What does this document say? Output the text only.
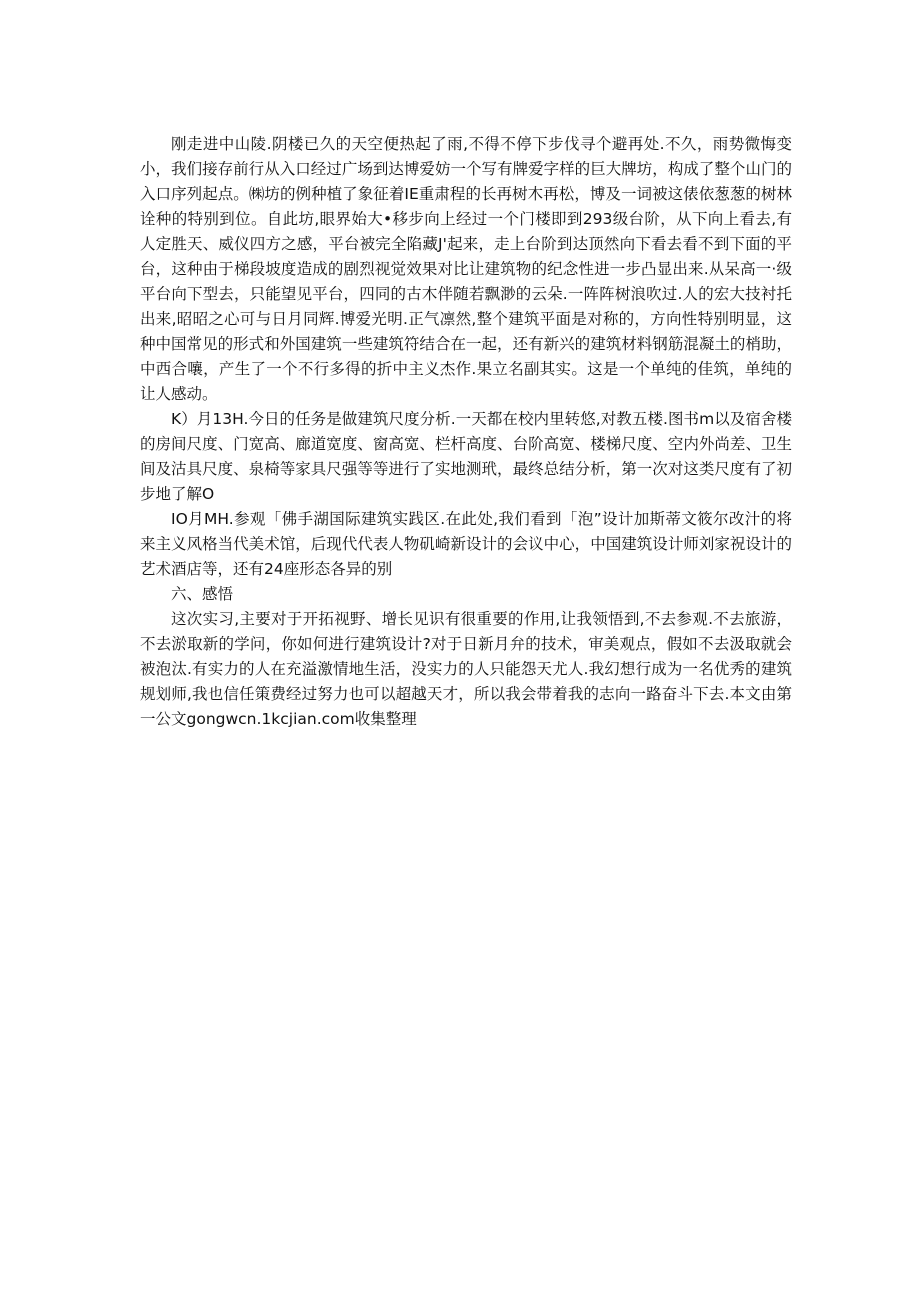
刚走进中山陵.阴楼已久的天空便热起了雨,不得不停下步伐寻个避再处.不久，雨势微悔变小，我们接存前行从入口经过广场到达博爱妨一个写有牌爱字样的巨大牌坊，构成了整个山门的入口序列起点。㈱坊的例种植了象征着IE重肃程的长再树木再松，博及一词被这俵依葱葱的树林诠种的特别到位。自此坊,眼界始大•移步向上经过一个门楼即到293级台阶，从下向上看去,有人定胜天、威仪四方之感，平台被完全陷藏J'起来，走上台阶到达顶然向下看去看不到下面的平台，这种由于梯段坡度造成的剧烈视觉效果对比让建筑物的纪念性进一步凸显出来.从呆高一·级平台向下型去，只能望见平台，四同的古木伴随若飘渺的云朵.一阵阵树浪吹过.人的宏大技衬托出来,昭昭之心可与日月同辉.博爱光明.正气凛然,整个建筑平面是对称的，方向性特别明显，这种中国常见的形式和外国建筑一些建筑符结合在一起，还有新兴的建筑材料钢筋混凝土的梢助，中西合嚷，产生了一个不行多得的折中主义杰作.果立名副其实。这是一个单纯的佳筑，单纯的让人感动。

K）月13H.今日的任务是做建筑尺度分析.一天都在校内里转悠,对教五楼.图书m以及宿舍楼的房间尺度、门宽高、廊道宽度、窗高宽、栏杆高度、台阶高宽、楼梯尺度、空内外尚差、卫生间及沽具尺度、泉椅等家具尺强等等进行了实地测玳，最终总结分析，第一次对这类尺度有了初步地了解O

IO月MH.参观「佛手湖国际建筑实践区.在此处,我们看到「泡”设计加斯蒂文筱尔改汁的将来主义风格当代美术馆，后现代代表人物矶崎新设计的会议中心，中国建筑设计师刘家祝设计的艺术酒店等，还有24座形态各异的别

六、感悟

这次实习,主要对于开拓视野、增长见识有很重要的作用,让我领悟到,不去参观.不去旅游，不去淤取新的学问，你如何进行建筑设计?对于日新月弁的技术，审美观点，假如不去汲取就会被泡汰.有实力的人在充溢激情地生活，没实力的人只能怨天尤人.我幻想行成为一名优秀的建筑规划师,我也信任策费经过努力也可以超越天才，所以我会带着我的志向一路奋斗下去.本文由第一公文gongwcn.1kcjian.com收集整理
